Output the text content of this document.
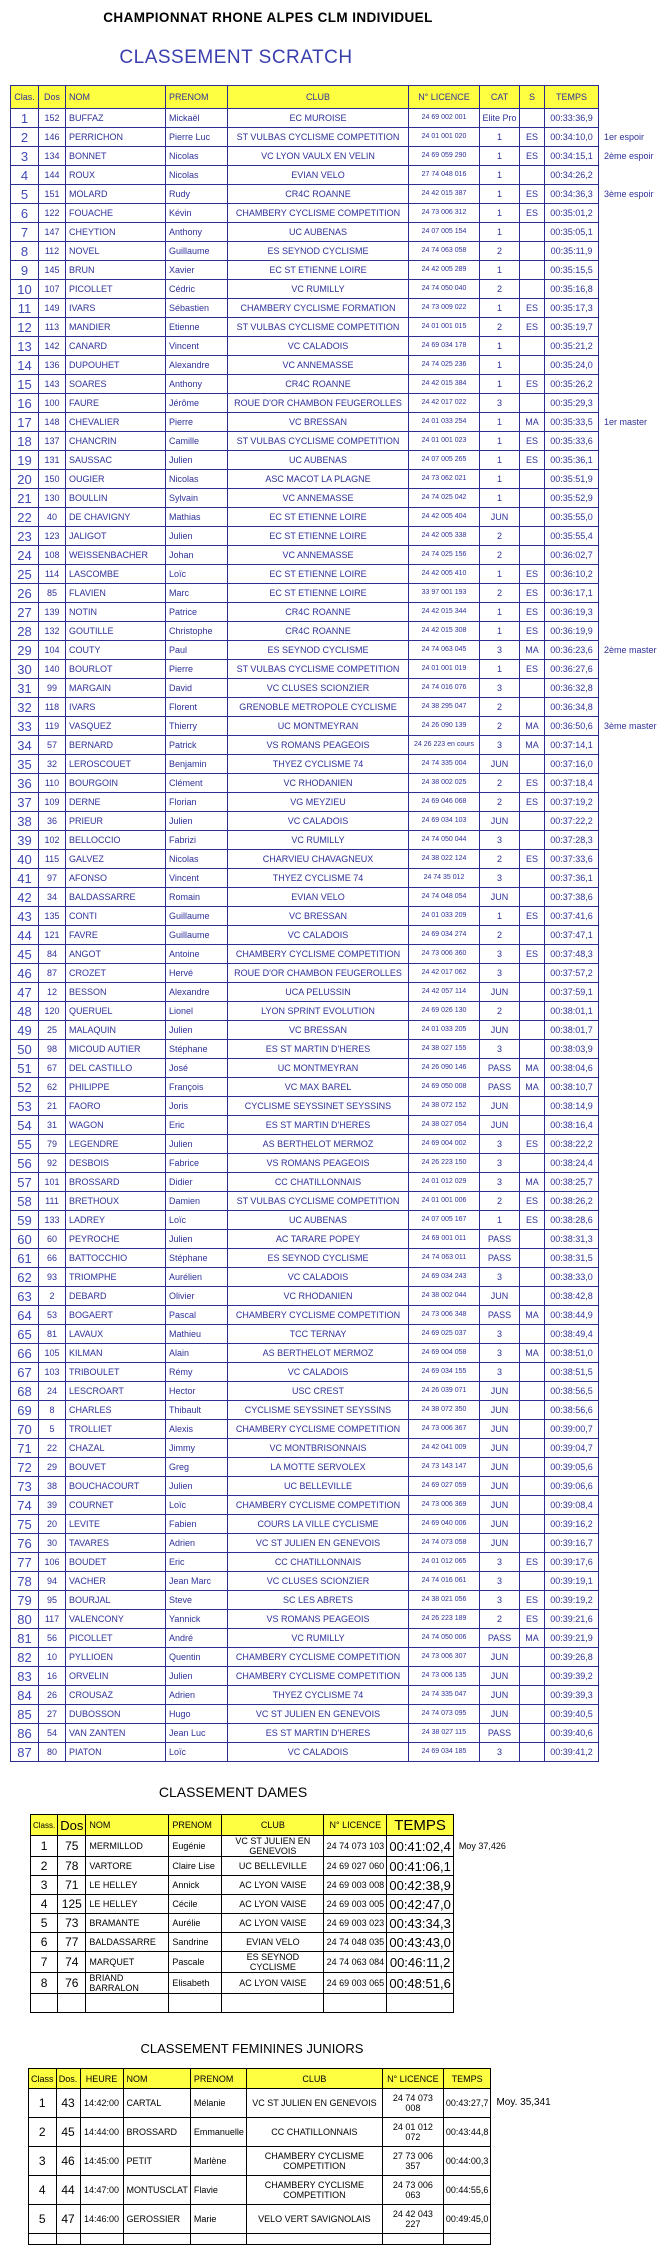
CHAMPIONNAT RHONE ALPES CLM INDIVIDUEL
CLASSEMENT SCRATCH
Clas.	Dos	NOM	PRENOM	CLUB	N° LICENCE	CAT	S	TEMPS	
1	152	BUFFAZ	Mickaël	EC MUROISE	24 69 002 001	Elite Pro		00:33:36,9	
2	146	PERRICHON	Pierre Luc	ST VULBAS CYCLISME COMPETITION	24 01 001 020	1	ES	00:34:10,0	1er espoir
3	134	BONNET	Nicolas	VC LYON VAULX EN VELIN	24 69 059 290	1	ES	00:34:15,1	2ème espoir
4	144	ROUX	Nicolas	EVIAN VELO	27 74 048 016	1		00:34:26,2	
5	151	MOLARD	Rudy	CR4C ROANNE	24 42 015 387	1	ES	00:34:36,3	3ème espoir
6	122	FOUACHE	Kévin	CHAMBERY CYCLISME COMPETITION	24 73 006 312	1	ES	00:35:01,2	
7	147	CHEYTION	Anthony	UC AUBENAS	24 07 005 154	1		00:35:05,1	
8	112	NOVEL	Guillaume	ES SEYNOD CYCLISME	24 74 063 058	2		00:35:11,9	
9	145	BRUN	Xavier	EC ST ETIENNE LOIRE	24 42 005 289	1		00:35:15,5	
10	107	PICOLLET	Cédric	VC RUMILLY	24 74 050 040	2		00:35:16,8	
11	149	IVARS	Sébastien	CHAMBERY CYCLISME FORMATION	24 73 009 022	1	ES	00:35:17,3	
12	113	MANDIER	Etienne	ST VULBAS CYCLISME COMPETITION	24 01 001 015	2	ES	00:35:19,7	
13	142	CANARD	Vincent	VC CALADOIS	24 69 034 178	1		00:35:21,2	
14	136	DUPOUHET	Alexandre	VC ANNEMASSE	24 74 025 236	1		00:35:24,0	
15	143	SOARES	Anthony	CR4C ROANNE	24 42 015 384	1	ES	00:35:26,2	
16	100	FAURE	Jérôme	ROUE D'OR CHAMBON FEUGEROLLES	24 42 017 022	3		00:35:29,3	
17	148	CHEVALIER	Pierre	VC BRESSAN	24 01 033 254	1	MA	00:35:33,5	1er master
18	137	CHANCRIN	Camille	ST VULBAS CYCLISME COMPETITION	24 01 001 023	1	ES	00:35:33,6	
19	131	SAUSSAC	Julien	UC AUBENAS	24 07 005 265	1	ES	00:35:36,1	
20	150	OUGIER	Nicolas	ASC MACOT LA PLAGNE	24 73 062 021	1		00:35:51,9	
21	130	BOULLIN	Sylvain	VC ANNEMASSE	24 74 025 042	1		00:35:52,9	
22	40	DE CHAVIGNY	Mathias	EC ST ETIENNE LOIRE	24 42 005 404	JUN		00:35:55,0	
23	123	JALIGOT	Julien	EC ST ETIENNE LOIRE	24 42 005 338	2		00:35:55,4	
24	108	WEISSENBACHER	Johan	VC ANNEMASSE	24 74 025 156	2		00:36:02,7	
25	114	LASCOMBE	Loïc	EC ST ETIENNE LOIRE	24 42 005 410	1	ES	00:36:10,2	
26	85	FLAVIEN	Marc	EC ST ETIENNE LOIRE	33 97 001 193	2	ES	00:36:17,1	
27	139	NOTIN	Patrice	CR4C ROANNE	24 42 015 344	1	ES	00:36:19,3	
28	132	GOUTILLE	Christophe	CR4C ROANNE	24 42 015 308	1	ES	00:36:19,9	
29	104	COUTY	Paul	ES SEYNOD CYCLISME	24 74 063 045	3	MA	00:36:23,6	2ème master
30	140	BOURLOT	Pierre	ST VULBAS CYCLISME COMPETITION	24 01 001 019	1	ES	00:36:27,6	
31	99	MARGAIN	David	VC CLUSES SCIONZIER	24 74 016 076	3		00:36:32,8	
32	118	IVARS	Florent	GRENOBLE METROPOLE CYCLISME	24 38 295 047	2		00:36:34,8	
33	119	VASQUEZ	Thierry	UC MONTMEYRAN	24 26 090 139	2	MA	00:36:50,6	3ème master
34	57	BERNARD	Patrick	VS ROMANS PEAGEOIS	24 26 223 en cours	3	MA	00:37:14,1	
35	32	LEROSCOUET	Benjamin	THYEZ CYCLISME 74	24 74 335 004	JUN		00:37:16,0	
36	110	BOURGOIN	Clément	VC RHODANIEN	24 38 002 025	2	ES	00:37:18,4	
37	109	DERNE	Florian	VG MEYZIEU	24 69 046 068	2	ES	00:37:19,2	
38	36	PRIEUR	Julien	VC CALADOIS	24 69 034 103	JUN		00:37:22,2	
39	102	BELLOCCIO	Fabrizi	VC RUMILLY	24 74 050 044	3		00:37:28,3	
40	115	GALVEZ	Nicolas	CHARVIEU CHAVAGNEUX	24 38 022 124	2	ES	00:37:33,6	
41	97	AFONSO	Vincent	THYEZ CYCLISME 74	24 74 35 012	3		00:37:36,1	
42	34	BALDASSARRE	Romain	EVIAN VELO	24 74 048 054	JUN		00:37:38,6	
43	135	CONTI	Guillaume	VC BRESSAN	24 01 033 209	1	ES	00:37:41,6	
44	121	FAVRE	Guillaume	VC CALADOIS	24 69 034 274	2		00:37:47,1	
45	84	ANGOT	Antoine	CHAMBERY CYCLISME COMPETITION	24 73 006 360	3	ES	00:37:48,3	
46	87	CROZET	Hervé	ROUE D'OR CHAMBON FEUGEROLLES	24 42 017 062	3		00:37:57,2	
47	12	BESSON	Alexandre	UCA PELUSSIN	24 42 057 114	JUN		00:37:59,1	
48	120	QUERUEL	Lionel	LYON SPRINT EVOLUTION	24 69 026 130	2		00:38:01,1	
49	25	MALAQUIN	Julien	VC BRESSAN	24 01 033 205	JUN		00:38:01,7	
50	98	MICOUD AUTIER	Stéphane	ES ST MARTIN D'HERES	24 38 027 155	3		00:38:03,9	
51	67	DEL CASTILLO	José	UC MONTMEYRAN	24 26 090 146	PASS	MA	00:38:04,6	
52	62	PHILIPPE	François	VC MAX BAREL	24 69 050 008	PASS	MA	00:38:10,7	
53	21	FAORO	Joris	CYCLISME SEYSSINET SEYSSINS	24 38 072 152	JUN		00:38:14,9	
54	31	WAGON	Eric	ES ST MARTIN D'HERES	24 38 027 054	JUN		00:38:16,4	
55	79	LEGENDRE	Julien	AS BERTHELOT MERMOZ	24 69 004 002	3	ES	00:38:22,2	
56	92	DESBOIS	Fabrice	VS ROMANS PEAGEOIS	24 26 223 150	3		00:38:24,4	
57	101	BROSSARD	Didier	CC CHATILLONNAIS	24 01 012 029	3	MA	00:38:25,7	
58	111	BRETHOUX	Damien	ST VULBAS CYCLISME COMPETITION	24 01 001 006	2	ES	00:38:26,2	
59	133	LADREY	Loïc	UC AUBENAS	24 07 005 167	1	ES	00:38:28,6	
60	60	PEYROCHE	Julien	AC TARARE POPEY	24 69 001 011	PASS		00:38:31,3	
61	66	BATTOCCHIO	Stéphane	ES SEYNOD CYCLISME	24 74 063 011	PASS		00:38:31,5	
62	93	TRIOMPHE	Aurélien	VC CALADOIS	24 69 034 243	3		00:38:33,0	
63	2	DEBARD	Olivier	VC RHODANIEN	24 38 002 044	JUN		00:38:42,8	
64	53	BOGAERT	Pascal	CHAMBERY CYCLISME COMPETITION	24 73 006 348	PASS	MA	00:38:44,9	
65	81	LAVAUX	Mathieu	TCC TERNAY	24 69 025 037	3		00:38:49,4	
66	105	KILMAN	Alain	AS BERTHELOT MERMOZ	24 69 004 058	3	MA	00:38:51,0	
67	103	TRIBOULET	Rémy	VC CALADOIS	24 69 034 155	3		00:38:51,5	
68	24	LESCROART	Hector	USC CREST	24 26 039 071	JUN		00:38:56,5	
69	8	CHARLES	Thibault	CYCLISME SEYSSINET SEYSSINS	24 38 072 350	JUN		00:38:56,6	
70	5	TROLLIET	Alexis	CHAMBERY CYCLISME COMPETITION	24 73 006 367	JUN		00:39:00,7	
71	22	CHAZAL	Jimmy	VC MONTBRISONNAIS	24 42 041 009	JUN		00:39:04,7	
72	29	BOUVET	Greg	LA MOTTE SERVOLEX	24 73 143 147	JUN		00:39:05,6	
73	38	BOUCHACOURT	Julien	UC BELLEVILLE	24 69 027 059	JUN		00:39:06,6	
74	39	COURNET	Loïc	CHAMBERY CYCLISME COMPETITION	24 73 006 369	JUN		00:39:08,4	
75	20	LEVITE	Fabien	COURS LA VILLE CYCLISME	24 69 040 006	JUN		00:39:16,2	
76	30	TAVARES	Adrien	VC ST JULIEN EN GENEVOIS	24 74 073 058	JUN		00:39:16,7	
77	106	BOUDET	Eric	CC CHATILLONNAIS	24 01 012 065	3	ES	00:39:17,6	
78	94	VACHER	Jean Marc	VC CLUSES SCIONZIER	24 74 016 061	3		00:39:19,1	
79	95	BOURJAL	Steve	SC LES ABRETS	24 38 021 056	3	ES	00:39:19,2	
80	117	VALENCONY	Yannick	VS ROMANS PEAGEOIS	24 26 223 189	2	ES	00:39:21,6	
81	56	PICOLLET	André	VC RUMILLY	24 74 050 006	PASS	MA	00:39:21,9	
82	10	PYLLIOEN	Quentin	CHAMBERY CYCLISME COMPETITION	24 73 006 307	JUN		00:39:26,8	
83	16	ORVELIN	Julien	CHAMBERY CYCLISME COMPETITION	24 73 006 135	JUN		00:39:39,2	
84	26	CROUSAZ	Adrien	THYEZ CYCLISME 74	24 74 335 047	JUN		00:39:39,3	
85	27	DUBOSSON	Hugo	VC ST JULIEN EN GENEVOIS	24 74 073 095	JUN		00:39:40,5	
86	54	VAN ZANTEN	Jean Luc	ES ST MARTIN D'HERES	24 38 027 115	PASS		00:39:40,6	
87	80	PIATON	Loïc	VC CALADOIS	24 69 034 185	3		00:39:41,2	
CLASSEMENT DAMES
Class.	Dos	NOM	PRENOM	CLUB	N° LICENCE	TEMPS	
1	75	MERMILLOD	Eugénie	VC ST JULIEN EN GENEVOIS	24 74 073 103	00:41:02,4	Moy 37,426
2	78	VARTORE	Claire Lise	UC BELLEVILLE	24 69 027 060	00:41:06,1	
3	71	LE HELLEY	Annick	AC LYON VAISE	24 69 003 008	00:42:38,9	
4	125	LE HELLEY	Cécile	AC LYON VAISE	24 69 003 005	00:42:47,0	
5	73	BRAMANTE	Aurélie	AC LYON VAISE	24 69 003 023	00:43:34,3	
6	77	BALDASSARRE	Sandrine	EVIAN VELO	24 74 048 035	00:43:43,0	
7	74	MARQUET	Pascale	ES SEYNOD CYCLISME	24 74 063 084	00:46:11,2	
8	76	BRIAND BARRALON	Elisabeth	AC LYON VAISE	24 69 003 065	00:48:51,6	

CLASSEMENT FEMININES JUNIORS
Class	Dos.	HEURE	NOM	PRENOM	CLUB	N° LICENCE	TEMPS	
1	43	14:42:00	CARTAL	Mélanie	VC ST JULIEN EN GENEVOIS	24 74 073 008	00:43:27,7	Moy. 35,341
2	45	14:44:00	BROSSARD	Emmanuelle	CC CHATILLONNAIS	24 01 012 072	00:43:44,8	
3	46	14:45:00	PETIT	Marlène	CHAMBERY CYCLISME COMPETITION	27 73 006 357	00:44:00,3	
4	44	14:47:00	MONTUSCLAT	Flavie	CHAMBERY CYCLISME COMPETITION	24 73 006 063	00:44:55,6	
5	47	14:46:00	GEROSSIER	Marie	VELO VERT SAVIGNOLAIS	24 42 043 227	00:49:45,0	
